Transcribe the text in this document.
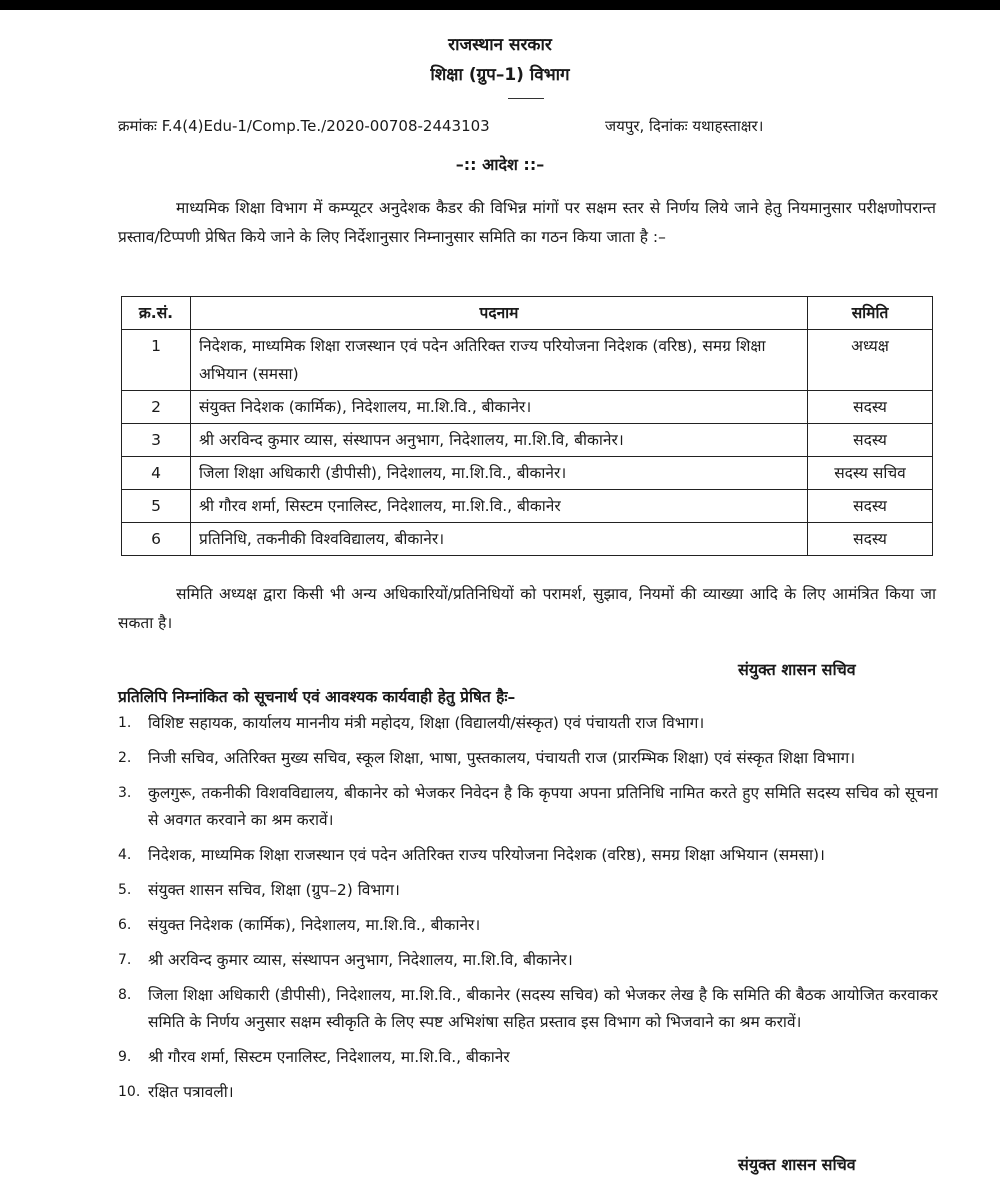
राजस्थान सरकार
शिक्षा (ग्रुप–1) विभाग
क्रमांकः F.4(4)Edu-1/Comp.Te./2020-00708-2443103	जयपुर, दिनांकः यथाहस्ताक्षर।
–:: आदेश ::–
माध्यमिक शिक्षा विभाग में कम्प्यूटर अनुदेशक कैडर की विभिन्न मांगों पर सक्षम स्तर से निर्णय लिये जाने हेतु नियमानुसार परीक्षणोपरान्त प्रस्ताव/टिप्पणी प्रेषित किये जाने के लिए निर्देशानुसार निम्नानुसार समिति का गठन किया जाता है :–
क्र.सं.	पदनाम	समिति
1	निदेशक, माध्यमिक शिक्षा राजस्थान एवं पदेन अतिरिक्त राज्य परियोजना निदेशक (वरिष्ठ), समग्र शिक्षा अभियान (समसा)	अध्यक्ष
2	संयुक्त निदेशक (कार्मिक), निदेशालय, मा.शि.वि., बीकानेर।	सदस्य
3	श्री अरविन्द कुमार व्यास, संस्थापन अनुभाग, निदेशालय, मा.शि.वि, बीकानेर।	सदस्य
4	जिला शिक्षा अधिकारी (डीपीसी), निदेशालय, मा.शि.वि., बीकानेर।	सदस्य सचिव
5	श्री गौरव शर्मा, सिस्टम एनालिस्ट, निदेशालय, मा.शि.वि., बीकानेर	सदस्य
6	प्रतिनिधि, तकनीकी विश्वविद्यालय, बीकानेर।	सदस्य
समिति अध्यक्ष द्वारा किसी भी अन्य अधिकारियों/प्रतिनिधियों को परामर्श, सुझाव, नियमों की व्याख्या आदि के लिए आमंत्रित किया जा सकता है।
संयुक्त शासन सचिव
प्रतिलिपि निम्नांकित को सूचनार्थ एवं आवश्यक कार्यवाही हेतु प्रेषित हैः–
1. विशिष्ट सहायक, कार्यालय माननीय मंत्री महोदय, शिक्षा (विद्यालयी/संस्कृत) एवं पंचायती राज विभाग।
2. निजी सचिव, अतिरिक्त मुख्य सचिव, स्कूल शिक्षा, भाषा, पुस्तकालय, पंचायती राज (प्रारम्भिक शिक्षा) एवं संस्कृत शिक्षा विभाग।
3. कुलगुरू, तकनीकी विशवविद्यालय, बीकानेर को भेजकर निवेदन है कि कृपया अपना प्रतिनिधि नामित करते हुए समिति सदस्य सचिव को सूचना से अवगत करवाने का श्रम करावें।
4. निदेशक, माध्यमिक शिक्षा राजस्थान एवं पदेन अतिरिक्त राज्य परियोजना निदेशक (वरिष्ठ), समग्र शिक्षा अभियान (समसा)।
5. संयुक्त शासन सचिव, शिक्षा (ग्रुप–2) विभाग।
6. संयुक्त निदेशक (कार्मिक), निदेशालय, मा.शि.वि., बीकानेर।
7. श्री अरविन्द कुमार व्यास, संस्थापन अनुभाग, निदेशालय, मा.शि.वि, बीकानेर।
8. जिला शिक्षा अधिकारी (डीपीसी), निदेशालय, मा.शि.वि., बीकानेर (सदस्य सचिव) को भेजकर लेख है कि समिति की बैठक आयोजित करवाकर समिति के निर्णय अनुसार सक्षम स्वीकृति के लिए स्पष्ट अभिशंषा सहित प्रस्ताव इस विभाग को भिजवाने का श्रम करावें।
9. श्री गौरव शर्मा, सिस्टम एनालिस्ट, निदेशालय, मा.शि.वि., बीकानेर
10. रक्षित पत्रावली।
संयुक्त शासन सचिव
